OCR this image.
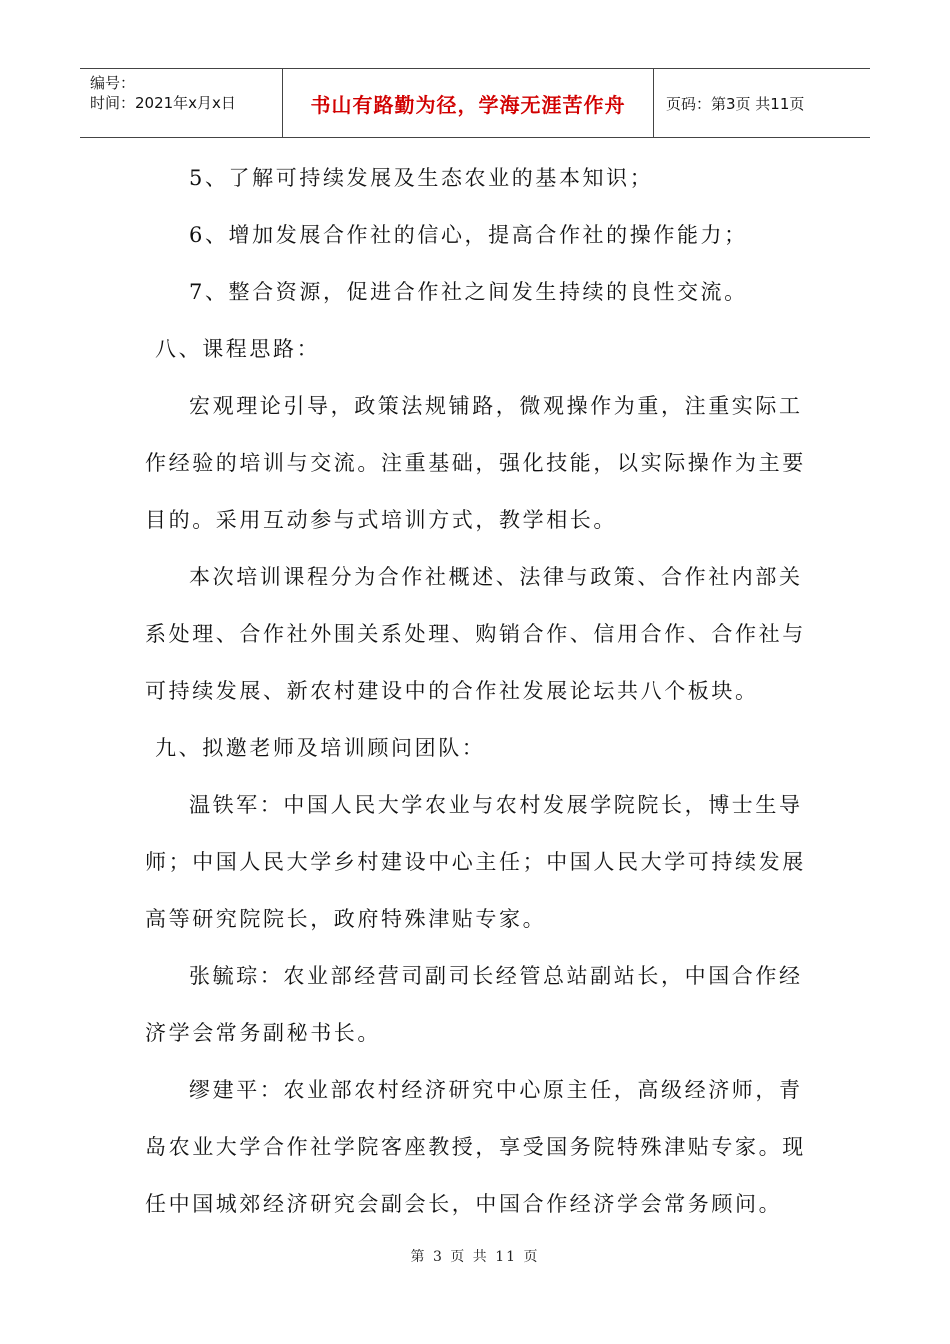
编号：
时间：2021年x月x日	书山有路勤为径，学海无涯苦作舟	页码：第3页 共11页

5、了解可持续发展及生态农业的基本知识；

6、增加发展合作社的信心，提高合作社的操作能力；

7、整合资源，促进合作社之间发生持续的良性交流。

八、课程思路：

宏观理论引导，政策法规铺路，微观操作为重，注重实际工作经验的培训与交流。注重基础，强化技能，以实际操作为主要目的。采用互动参与式培训方式，教学相长。

本次培训课程分为合作社概述、法律与政策、合作社内部关系处理、合作社外围关系处理、购销合作、信用合作、合作社与可持续发展、新农村建设中的合作社发展论坛共八个板块。

九、拟邀老师及培训顾问团队：

温铁军：中国人民大学农业与农村发展学院院长，博士生导师；中国人民大学乡村建设中心主任；中国人民大学可持续发展高等研究院院长，政府特殊津贴专家。

张毓琮：农业部经营司副司长经管总站副站长，中国合作经济学会常务副秘书长。

缪建平：农业部农村经济研究中心原主任，高级经济师，青岛农业大学合作社学院客座教授，享受国务院特殊津贴专家。现任中国城郊经济研究会副会长，中国合作经济学会常务顾问。

第 3 页 共 11 页
